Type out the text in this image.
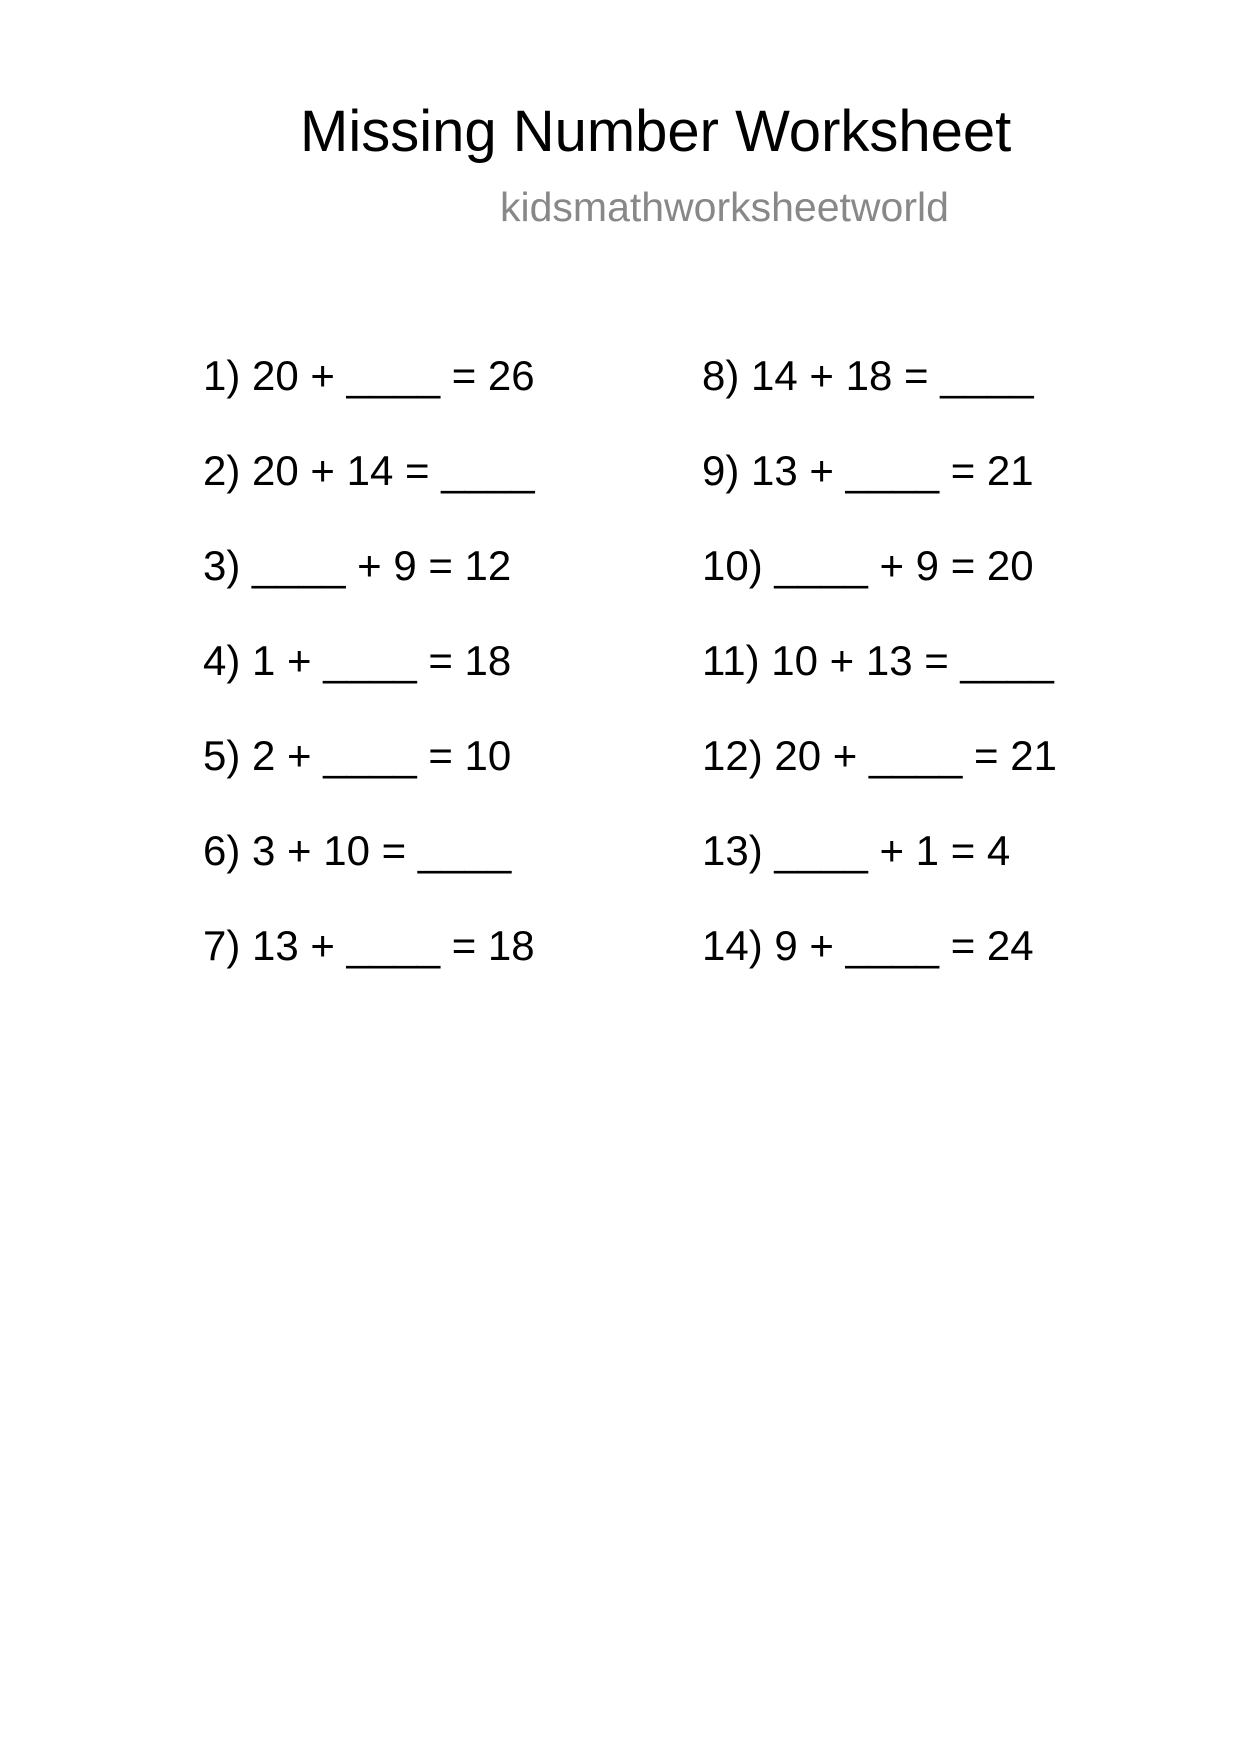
Missing Number Worksheet
kidsmathworksheetworld
1) 20 + ____ = 26
2) 20 + 14 = ____
3) ____ + 9 = 12
4) 1 + ____ = 18
5) 2 + ____ = 10
6) 3 + 10 = ____
7) 13 + ____ = 18
8) 14 + 18 = ____
9) 13 + ____ = 21
10) ____ + 9 = 20
11) 10 + 13 = ____
12) 20 + ____ = 21
13) ____ + 1 = 4
14) 9 + ____ = 24
